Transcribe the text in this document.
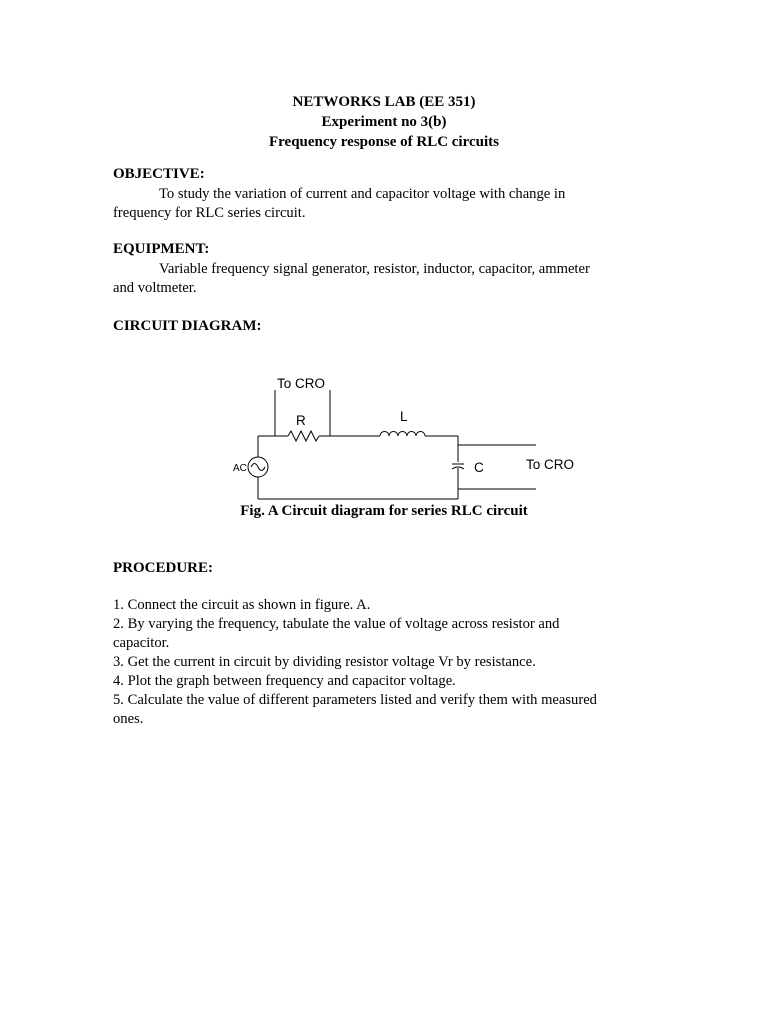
NETWORKS LAB (EE 351)
Experiment no 3(b)
Frequency response of RLC circuits
OBJECTIVE:
To study the variation of current and capacitor voltage with change in
frequency for RLC series circuit.
EQUIPMENT:
Variable frequency signal generator, resistor, inductor, capacitor, ammeter
and voltmeter.
CIRCUIT DIAGRAM:
To CRO
R	L
AC	C	To CRO
Fig. A Circuit diagram for series RLC circuit
PROCEDURE:
1. Connect the circuit as shown in figure. A.
2. By varying the frequency, tabulate the value of voltage across resistor and
capacitor.
3. Get the current in circuit by dividing resistor voltage Vr by resistance.
4. Plot the graph between frequency and capacitor voltage.
5. Calculate the value of different parameters listed and verify them with measured
ones.
